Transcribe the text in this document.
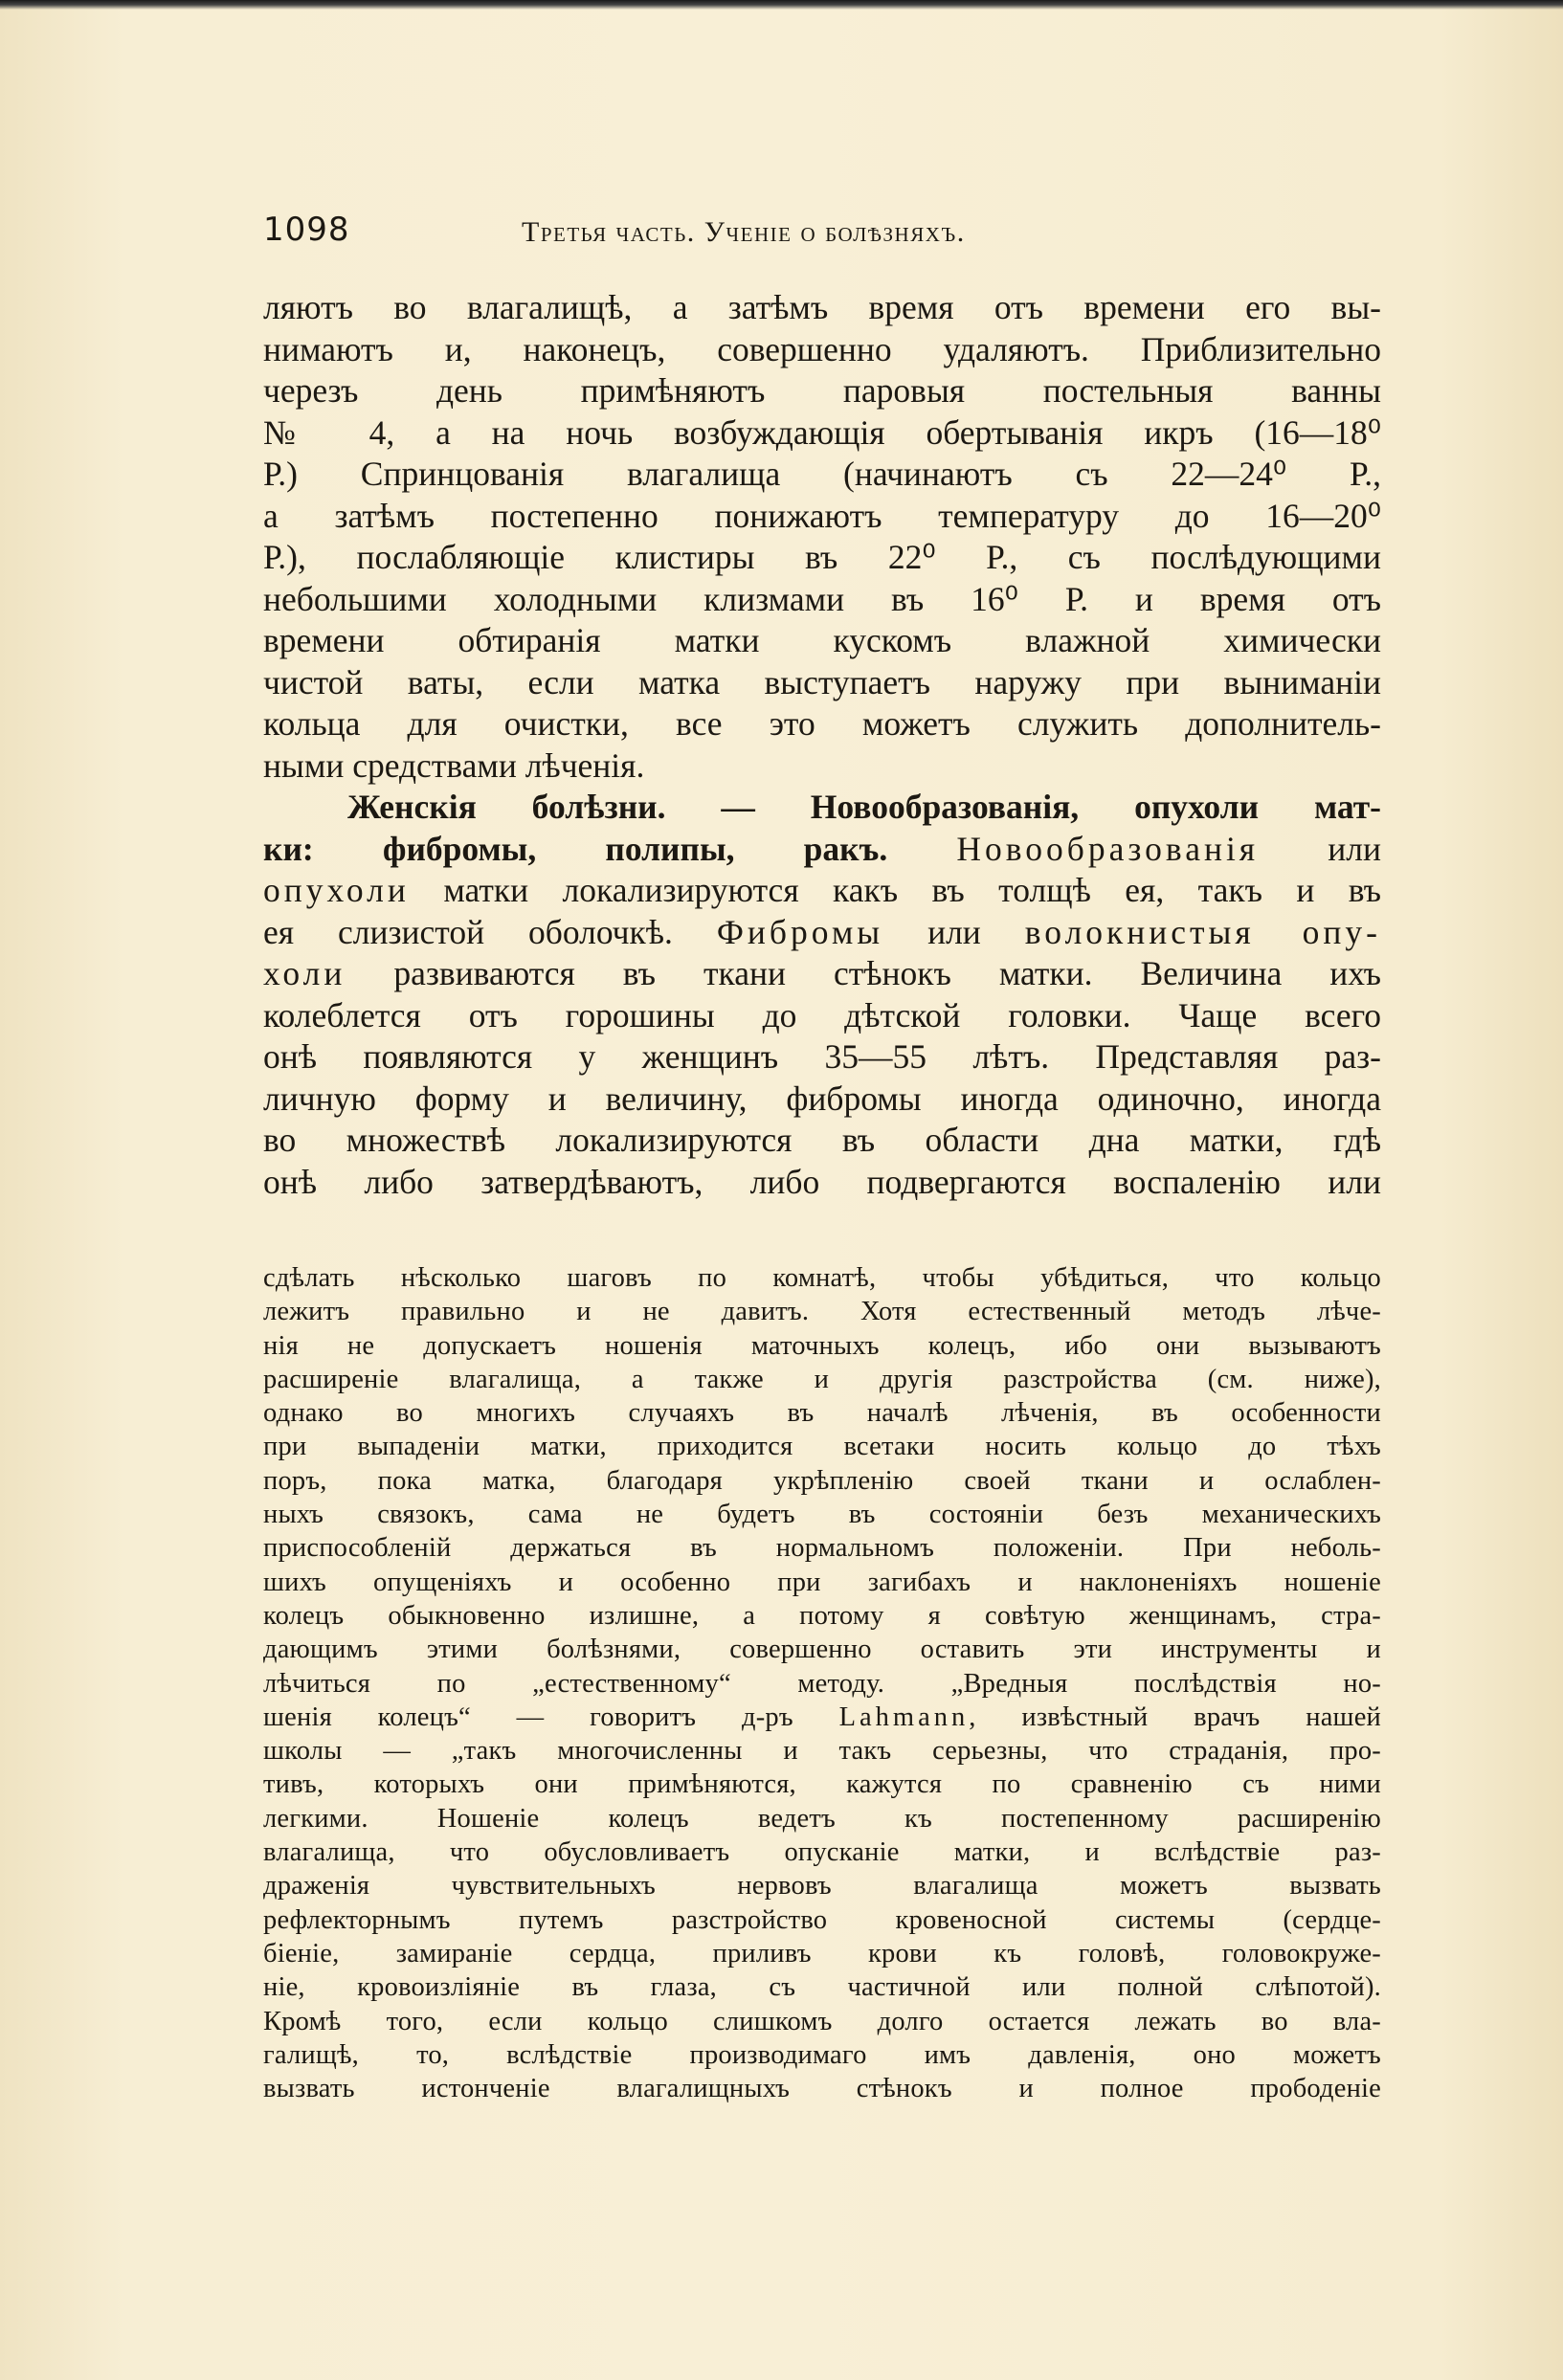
1098	Третья часть. Ученіе о болѣзняхъ.
ляютъ во влагалищѣ, а затѣмъ время отъ времени его вы-
нимаютъ и, наконецъ, совершенно удаляютъ. Приблизительно
черезъ день примѣняютъ паровыя постельныя ванны
№ 4, а на ночь возбуждающія обертыванія икръ (16—18⁰
Р.) Спринцованія влагалища (начинаютъ съ 22—24⁰ Р.,
а затѣмъ постепенно понижаютъ температуру до 16—20⁰
Р.), послабляющіе клистиры въ 22⁰ Р., съ послѣдующими
небольшими холодными клизмами въ 16⁰ Р. и время отъ
времени обтиранія матки кускомъ влажной химически
чистой ваты, если матка выступаетъ наружу при выниманіи
кольца для очистки, все это можетъ служить дополнитель-
ными средствами лѣченія.
Женскія болѣзни. — Новообразованія, опухоли мат-
ки: фибромы, полипы, ракъ. Новообразованія или
опухоли матки локализируются какъ въ толщѣ ея, такъ и въ
ея слизистой оболочкѣ. Фибромы или волокнистыя опу-
холи развиваются въ ткани стѣнокъ матки. Величина ихъ
колеблется отъ горошины до дѣтской головки. Чаще всего
онѣ появляются у женщинъ 35—55 лѣтъ. Представляя раз-
личную форму и величину, фибромы иногда одиночно, иногда
во множествѣ локализируются въ области дна матки, гдѣ
онѣ либо затвердѣваютъ, либо подвергаются воспаленію или
сдѣлать нѣсколько шаговъ по комнатѣ, чтобы убѣдиться, что кольцо
лежитъ правильно и не давитъ. Хотя естественный методъ лѣче-
нія не допускаетъ ношенія маточныхъ колецъ, ибо они вызываютъ
расширеніе влагалища, а также и другія разстройства (см. ниже),
однако во многихъ случаяхъ въ началѣ лѣченія, въ особенности
при выпаденіи матки, приходится всетаки носить кольцо до тѣхъ
поръ, пока матка, благодаря укрѣпленію своей ткани и ослаблен-
ныхъ связокъ, сама не будетъ въ состояніи безъ механическихъ
приспособленій держаться въ нормальномъ положеніи. При неболь-
шихъ опущеніяхъ и особенно при загибахъ и наклоненіяхъ ношеніе
колецъ обыкновенно излишне, а потому я совѣтую женщинамъ, стра-
дающимъ этими болѣзнями, совершенно оставить эти инструменты и
лѣчиться по „естественному“ методу. „Вредныя послѣдствія но-
шенія колецъ“ — говоритъ д-ръ Lahmann, извѣстный врачъ нашей
школы — „такъ многочисленны и такъ серьезны, что страданія, про-
тивъ, которыхъ они примѣняются, кажутся по сравненію съ ними
легкими. Ношеніе колецъ ведетъ къ постепенному расширенію
влагалища, что обусловливаетъ опусканіе матки, и вслѣдствіе раз-
драженія чувствительныхъ нервовъ влагалища можетъ вызвать
рефлекторнымъ путемъ разстройство кровеносной системы (сердце-
біеніе, замираніе сердца, приливъ крови къ головѣ, головокруже-
ніе, кровоизліяніе въ глаза, съ частичной или полной слѣпотой).
Кромѣ того, если кольцо слишкомъ долго остается лежать во вла-
галищѣ, то, вслѣдствіе производимаго имъ давленія, оно можетъ
вызвать истонченіе влагалищныхъ стѣнокъ и полное прободеніе
